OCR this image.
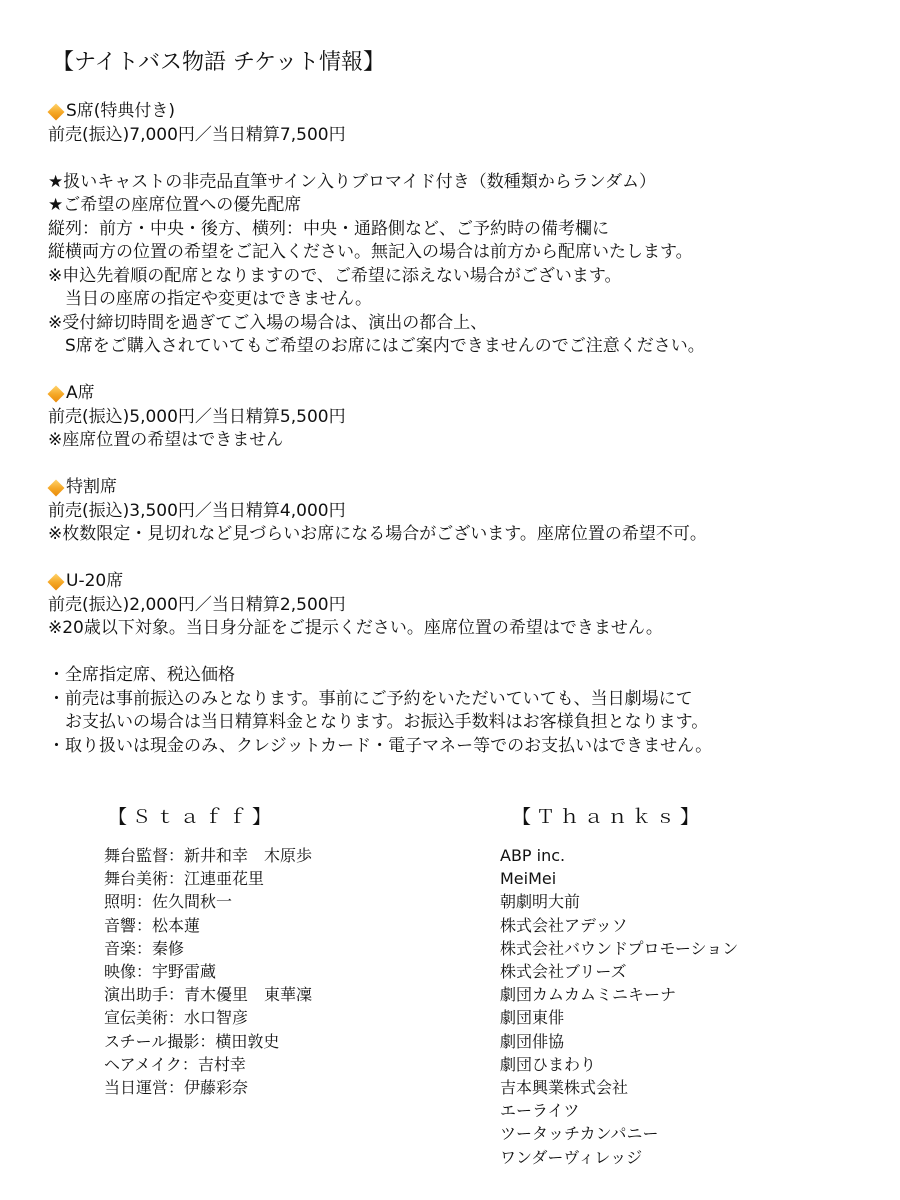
【ナイトバス物語 チケット情報】
S席(特典付き)
前売(振込)7,000円／当日精算7,500円
★扱いキャストの非売品直筆サイン入りブロマイド付き（数種類からランダム）
★ご希望の座席位置への優先配席
縦列：前方・中央・後方、横列：中央・通路側など、ご予約時の備考欄に
縦横両方の位置の希望をご記入ください。無記入の場合は前方から配席いたします。
※申込先着順の配席となりますので、ご希望に添えない場合がございます。
　当日の座席の指定や変更はできません。
※受付締切時間を過ぎてご入場の場合は、演出の都合上、
　S席をご購入されていてもご希望のお席にはご案内できませんのでご注意ください。
A席
前売(振込)5,000円／当日精算5,500円
※座席位置の希望はできません
特割席
前売(振込)3,500円／当日精算4,000円
※枚数限定・見切れなど見づらいお席になる場合がございます。座席位置の希望不可。
U-20席
前売(振込)2,000円／当日精算2,500円
※20歳以下対象。当日身分証をご提示ください。座席位置の希望はできません。
・全席指定席、税込価格
・前売は事前振込のみとなります。事前にご予約をいただいていても、当日劇場にて
　お支払いの場合は当日精算料金となります。お振込手数料はお客様負担となります。
・取り扱いは現金のみ、クレジットカード・電子マネー等でのお支払いはできません。
【Ｓｔａｆｆ】
舞台監督：新井和幸　木原歩
舞台美術：江連亜花里
照明：佐久間秋一
音響：松本蓮
音楽：秦修
映像：宇野雷蔵
演出助手：青木優里　東華凜
宣伝美術：水口智彦
スチール撮影：横田敦史
ヘアメイク：吉村幸
当日運営：伊藤彩奈
【Ｔｈａｎｋｓ】
ABP inc.
MeiMei
朝劇明大前
株式会社アデッソ
株式会社バウンドプロモーション
株式会社ブリーズ
劇団カムカムミニキーナ
劇団東俳
劇団俳協
劇団ひまわり
吉本興業株式会社
エーライツ
ツータッチカンパニー
ワンダーヴィレッジ
